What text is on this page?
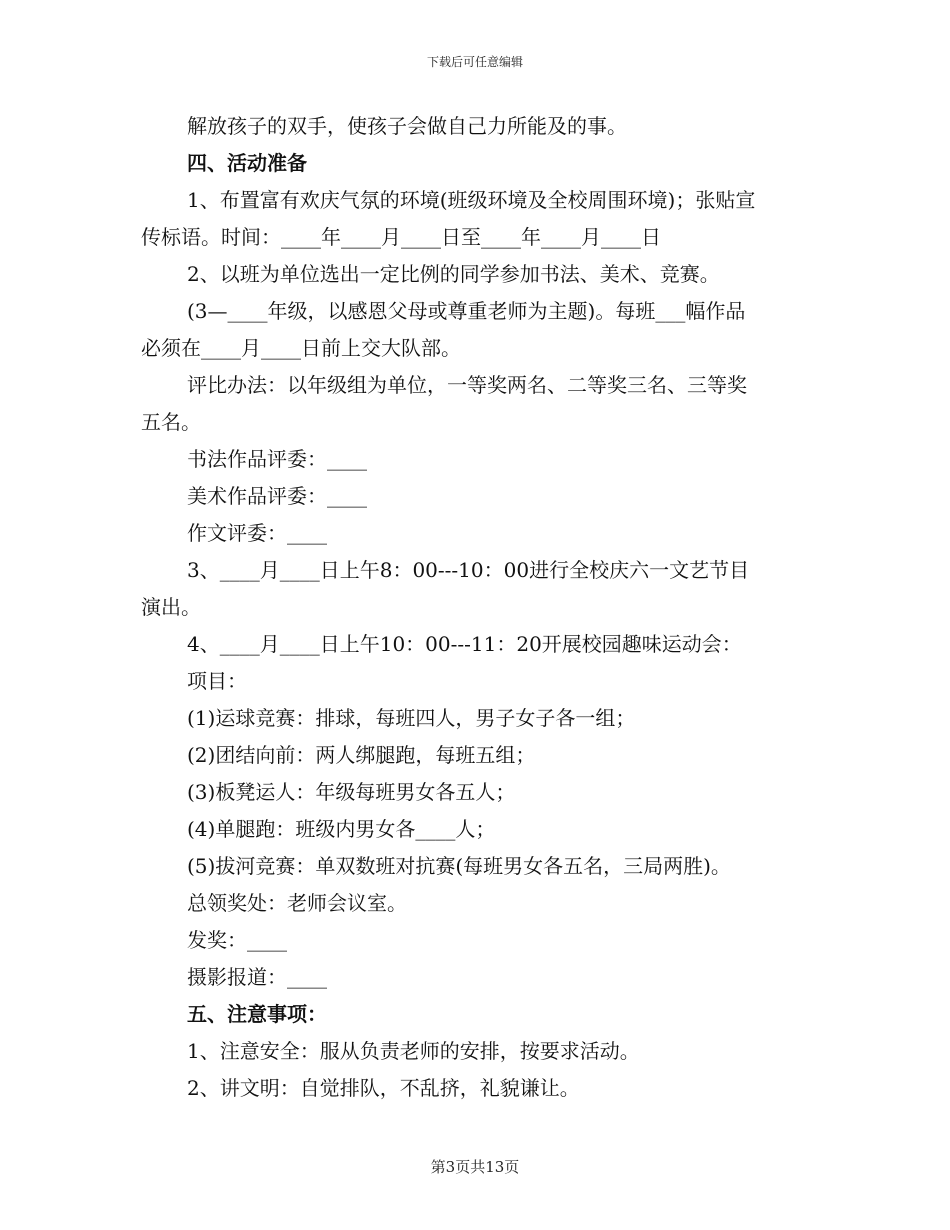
下载后可任意编辑

解放孩子的双手，使孩子会做自己力所能及的事。

四、活动准备

1、布置富有欢庆气氛的环境(班级环境及全校周围环境)；张贴宣

传标语。时间：____年____月____日至____年____月____日

2、以班为单位选出一定比例的同学参加书法、美术、竞赛。

(3—____年级，以感恩父母或尊重老师为主题)。每班___幅作品

必须在____月____日前上交大队部。

评比办法：以年级组为单位，一等奖两名、二等奖三名、三等奖

五名。

书法作品评委：____

美术作品评委：____

作文评委：____

3、____月____日上午8：00---10：00进行全校庆六一文艺节目

演出。

4、____月____日上午10：00---11：20开展校园趣味运动会：

项目：

(1)运球竞赛：排球，每班四人，男子女子各一组；

(2)团结向前：两人绑腿跑，每班五组；

(3)板凳运人：年级每班男女各五人；

(4)单腿跑：班级内男女各____人；

(5)拔河竞赛：单双数班对抗赛(每班男女各五名，三局两胜)。

总领奖处：老师会议室。

发奖：____

摄影报道：____

五、注意事项：

1、注意安全：服从负责老师的安排，按要求活动。

2、讲文明：自觉排队，不乱挤，礼貌谦让。

第3页共13页
